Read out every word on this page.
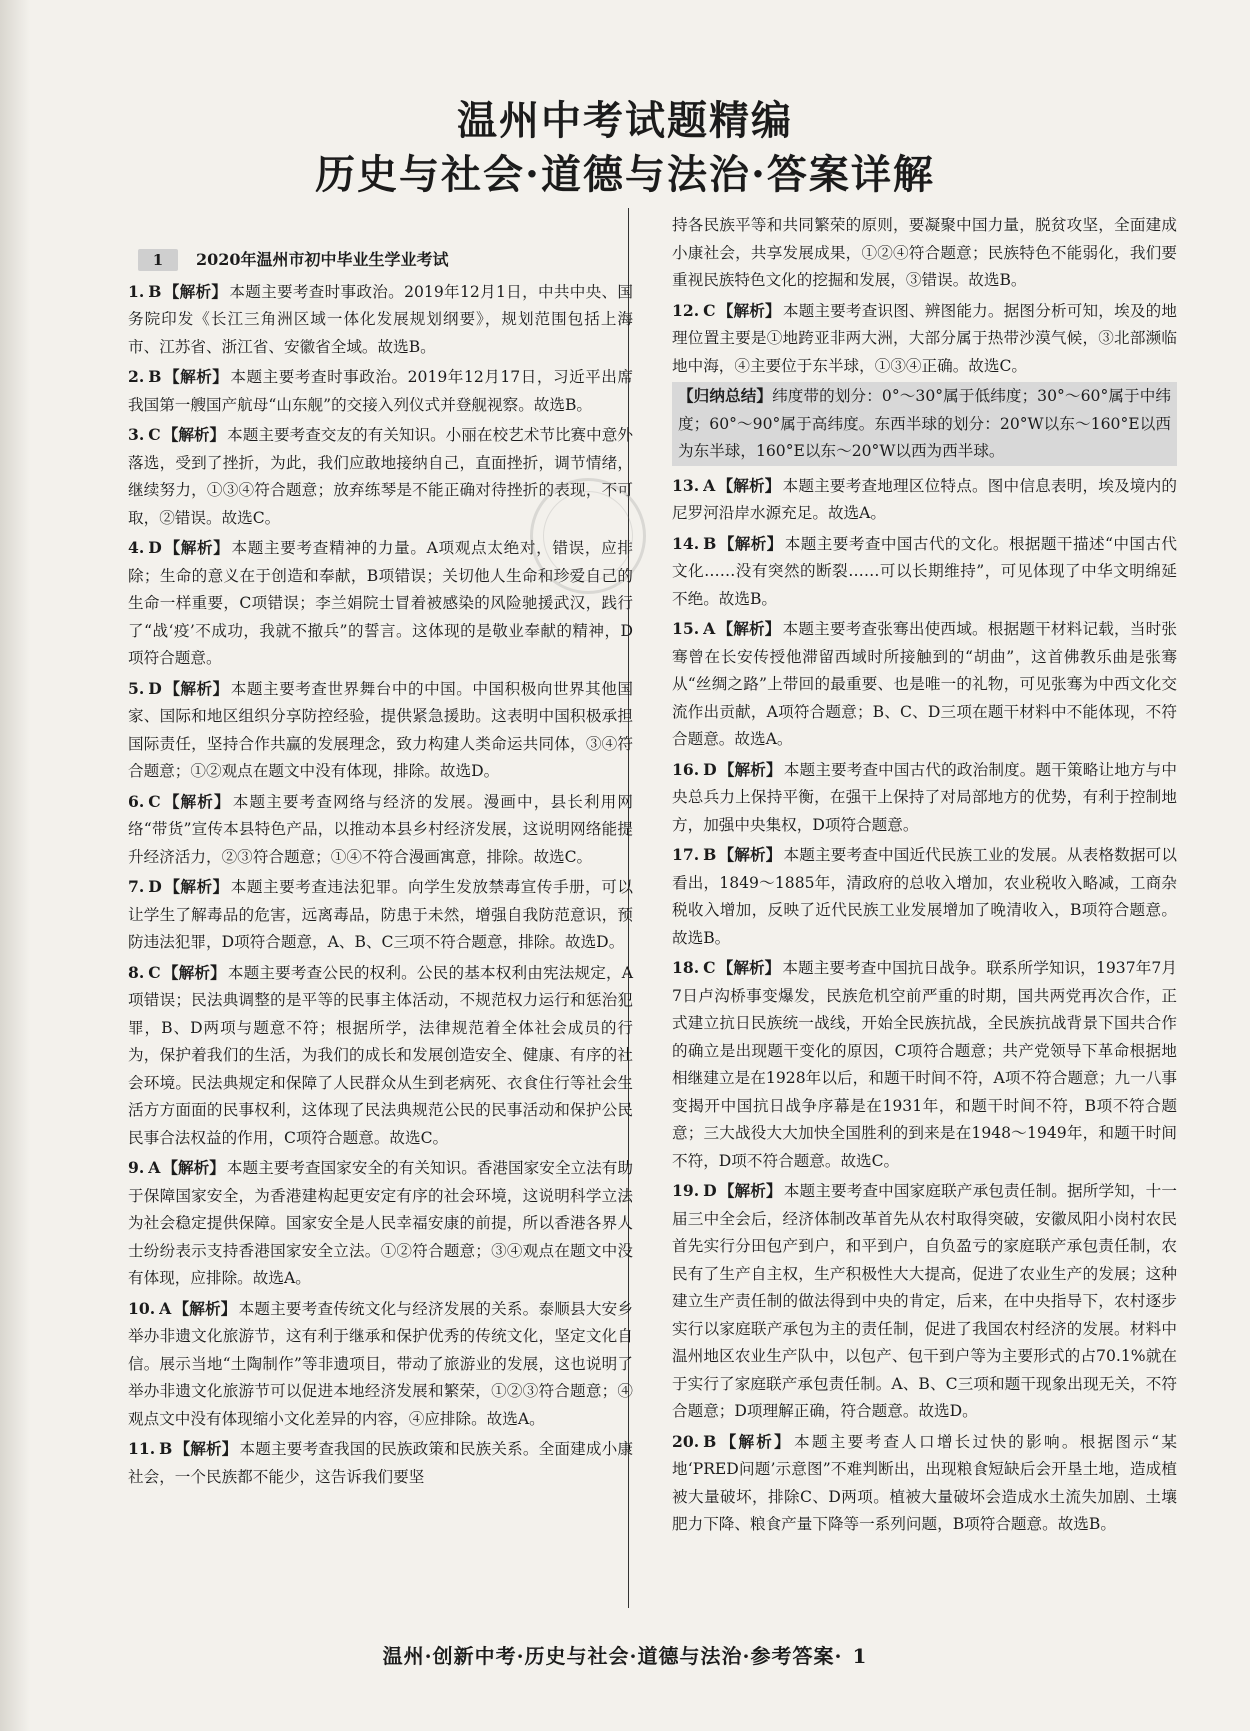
温州中考试题精编
历史与社会·道德与法治·答案详解
1	2020年温州市初中毕业生学业考试
1. B 【解析】 本题主要考查时事政治。2019年12月1日，中共中央、国务院印发《长江三角洲区域一体化发展规划纲要》，规划范围包括上海市、江苏省、浙江省、安徽省全域。故选B。
2. B 【解析】 本题主要考查时事政治。2019年12月17日，习近平出席我国第一艘国产航母“山东舰”的交接入列仪式并登舰视察。故选B。
3. C 【解析】 本题主要考查交友的有关知识。小丽在校艺术节比赛中意外落选，受到了挫折，为此，我们应敢地接纳自己，直面挫折，调节情绪，继续努力，①③④符合题意；放弃练琴是不能正确对待挫折的表现，不可取，②错误。故选C。
4. D 【解析】 本题主要考查精神的力量。A项观点太绝对，错误，应排除；生命的意义在于创造和奉献，B项错误；关切他人生命和珍爱自己的生命一样重要，C项错误；李兰娟院士冒着被感染的风险驰援武汉，践行了“战‘疫’不成功，我就不撤兵”的誓言。这体现的是敬业奉献的精神，D项符合题意。
5. D 【解析】 本题主要考查世界舞台中的中国。中国积极向世界其他国家、国际和地区组织分享防控经验，提供紧急援助。这表明中国积极承担国际责任，坚持合作共赢的发展理念，致力构建人类命运共同体，③④符合题意；①②观点在题文中没有体现，排除。故选D。
6. C 【解析】 本题主要考查网络与经济的发展。漫画中，县长利用网络“带货”宣传本县特色产品，以推动本县乡村经济发展，这说明网络能提升经济活力，②③符合题意；①④不符合漫画寓意，排除。故选C。
7. D 【解析】 本题主要考查违法犯罪。向学生发放禁毒宣传手册，可以让学生了解毒品的危害，远离毒品，防患于未然，增强自我防范意识，预防违法犯罪，D项符合题意，A、B、C三项不符合题意，排除。故选D。
8. C 【解析】 本题主要考查公民的权利。公民的基本权利由宪法规定，A项错误；民法典调整的是平等的民事主体活动，不规范权力运行和惩治犯罪，B、D两项与题意不符；根据所学，法律规范着全体社会成员的行为，保护着我们的生活，为我们的成长和发展创造安全、健康、有序的社会环境。民法典规定和保障了人民群众从生到老病死、衣食住行等社会生活方方面面的民事权利，这体现了民法典规范公民的民事活动和保护公民民事合法权益的作用，C项符合题意。故选C。
9. A 【解析】 本题主要考查国家安全的有关知识。香港国家安全立法有助于保障国家安全，为香港建构起更安定有序的社会环境，这说明科学立法为社会稳定提供保障。国家安全是人民幸福安康的前提，所以香港各界人士纷纷表示支持香港国家安全立法。①②符合题意；③④观点在题文中没有体现，应排除。故选A。
10. A 【解析】 本题主要考查传统文化与经济发展的关系。泰顺县大安乡举办非遗文化旅游节，这有利于继承和保护优秀的传统文化，坚定文化自信。展示当地“土陶制作”等非遗项目，带动了旅游业的发展，这也说明了举办非遗文化旅游节可以促进本地经济发展和繁荣，①②③符合题意；④观点文中没有体现缩小文化差异的内容，④应排除。故选A。
11. B 【解析】 本题主要考查我国的民族政策和民族关系。全面建成小康社会，一个民族都不能少，这告诉我们要坚
持各民族平等和共同繁荣的原则，要凝聚中国力量，脱贫攻坚，全面建成小康社会，共享发展成果，①②④符合题意；民族特色不能弱化，我们要重视民族特色文化的挖掘和发展，③错误。故选B。
12. C 【解析】 本题主要考查识图、辨图能力。据图分析可知，埃及的地理位置主要是①地跨亚非两大洲，大部分属于热带沙漠气候，③北部濒临地中海，④主要位于东半球，①③④正确。故选C。
【归纳总结】纬度带的划分：0°～30°属于低纬度；30°～60°属于中纬度；60°～90°属于高纬度。东西半球的划分：20°W以东～160°E以西为东半球，160°E以东～20°W以西为西半球。
13. A 【解析】 本题主要考查地理区位特点。图中信息表明，埃及境内的尼罗河沿岸水源充足。故选A。
14. B 【解析】 本题主要考查中国古代的文化。根据题干描述“中国古代文化……没有突然的断裂……可以长期维持”，可见体现了中华文明绵延不绝。故选B。
15. A 【解析】 本题主要考查张骞出使西域。根据题干材料记载，当时张骞曾在长安传授他滞留西域时所接触到的“胡曲”，这首佛教乐曲是张骞从“丝绸之路”上带回的最重要、也是唯一的礼物，可见张骞为中西文化交流作出贡献，A项符合题意；B、C、D三项在题干材料中不能体现，不符合题意。故选A。
16. D 【解析】 本题主要考查中国古代的政治制度。题干策略让地方与中央总兵力上保持平衡，在强干上保持了对局部地方的优势，有利于控制地方，加强中央集权，D项符合题意。
17. B 【解析】 本题主要考查中国近代民族工业的发展。从表格数据可以看出，1849～1885年，清政府的总收入增加，农业税收入略减，工商杂税收入增加，反映了近代民族工业发展增加了晚清收入，B项符合题意。故选B。
18. C 【解析】 本题主要考查中国抗日战争。联系所学知识，1937年7月7日卢沟桥事变爆发，民族危机空前严重的时期，国共两党再次合作，正式建立抗日民族统一战线，开始全民族抗战，全民族抗战背景下国共合作的确立是出现题干变化的原因，C项符合题意；共产党领导下革命根据地相继建立是在1928年以后，和题干时间不符，A项不符合题意；九一八事变揭开中国抗日战争序幕是在1931年，和题干时间不符，B项不符合题意；三大战役大大加快全国胜利的到来是在1948～1949年，和题干时间不符，D项不符合题意。故选C。
19. D 【解析】 本题主要考查中国家庭联产承包责任制。据所学知，十一届三中全会后，经济体制改革首先从农村取得突破，安徽凤阳小岗村农民首先实行分田包产到户，和平到户，自负盈亏的家庭联产承包责任制，农民有了生产自主权，生产积极性大大提高，促进了农业生产的发展；这种建立生产责任制的做法得到中央的肯定，后来，在中央指导下，农村逐步实行以家庭联产承包为主的责任制，促进了我国农村经济的发展。材料中温州地区农业生产队中，以包产、包干到户等为主要形式的占70.1%就在于实行了家庭联产承包责任制。A、B、C三项和题干现象出现无关，不符合题意；D项理解正确，符合题意。故选D。
20. B 【解析】 本题主要考查人口增长过快的影响。根据图示“某地‘PRED问题’示意图”不难判断出，出现粮食短缺后会开垦土地，造成植被大量破坏，排除C、D两项。植被大量破坏会造成水土流失加剧、土壤肥力下降、粮食产量下降等一系列问题，B项符合题意。故选B。
温州·创新中考·历史与社会·道德与法治·参考答案· 1
